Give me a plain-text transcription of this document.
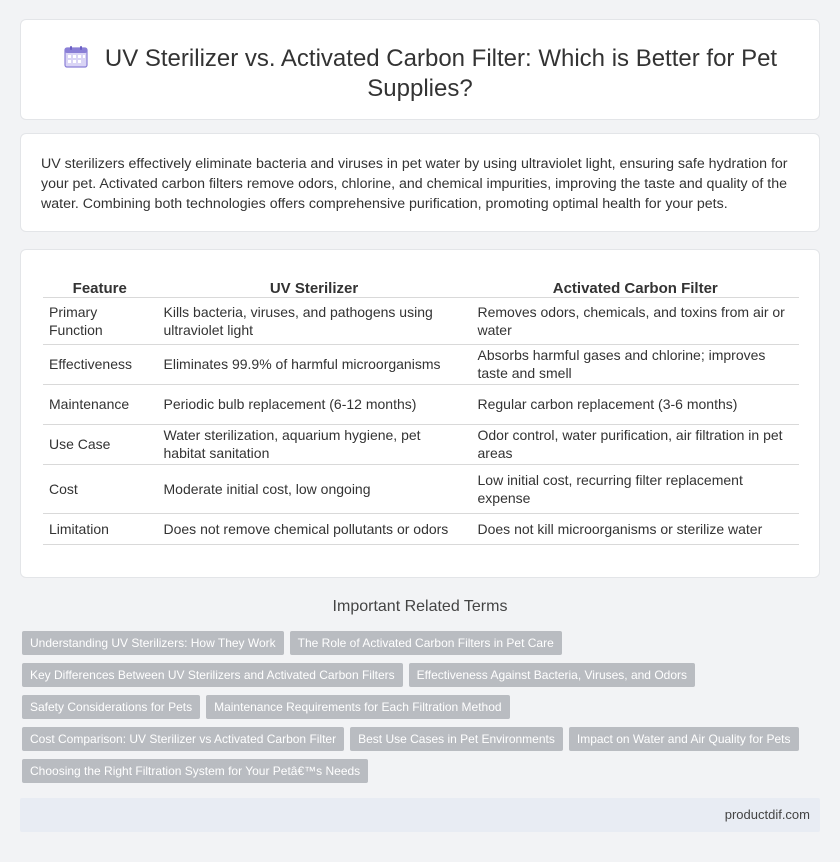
UV Sterilizer vs. Activated Carbon Filter: Which is Better for Pet Supplies?

UV sterilizers effectively eliminate bacteria and viruses in pet water by using ultraviolet light, ensuring safe hydration for your pet. Activated carbon filters remove odors, chlorine, and chemical impurities, improving the taste and quality of the water. Combining both technologies offers comprehensive purification, promoting optimal health for your pets.

Feature	UV Sterilizer	Activated Carbon Filter
Primary Function	Kills bacteria, viruses, and pathogens using ultraviolet light	Removes odors, chemicals, and toxins from air or water
Effectiveness	Eliminates 99.9% of harmful microorganisms	Absorbs harmful gases and chlorine; improves taste and smell
Maintenance	Periodic bulb replacement (6-12 months)	Regular carbon replacement (3-6 months)
Use Case	Water sterilization, aquarium hygiene, pet habitat sanitation	Odor control, water purification, air filtration in pet areas
Cost	Moderate initial cost, low ongoing	Low initial cost, recurring filter replacement expense
Limitation	Does not remove chemical pollutants or odors	Does not kill microorganisms or sterilize water
Important Related Terms
Understanding UV Sterilizers: How They Work The Role of Activated Carbon Filters in Pet Care
Key Differences Between UV Sterilizers and Activated Carbon Filters Effectiveness Against Bacteria, Viruses, and Odors
Safety Considerations for Pets Maintenance Requirements for Each Filtration Method
Cost Comparison: UV Sterilizer vs Activated Carbon Filter Best Use Cases in Pet Environments Impact on Water and Air Quality for Pets
Choosing the Right Filtration System for Your Petâ€™s Needs
productdif.com
